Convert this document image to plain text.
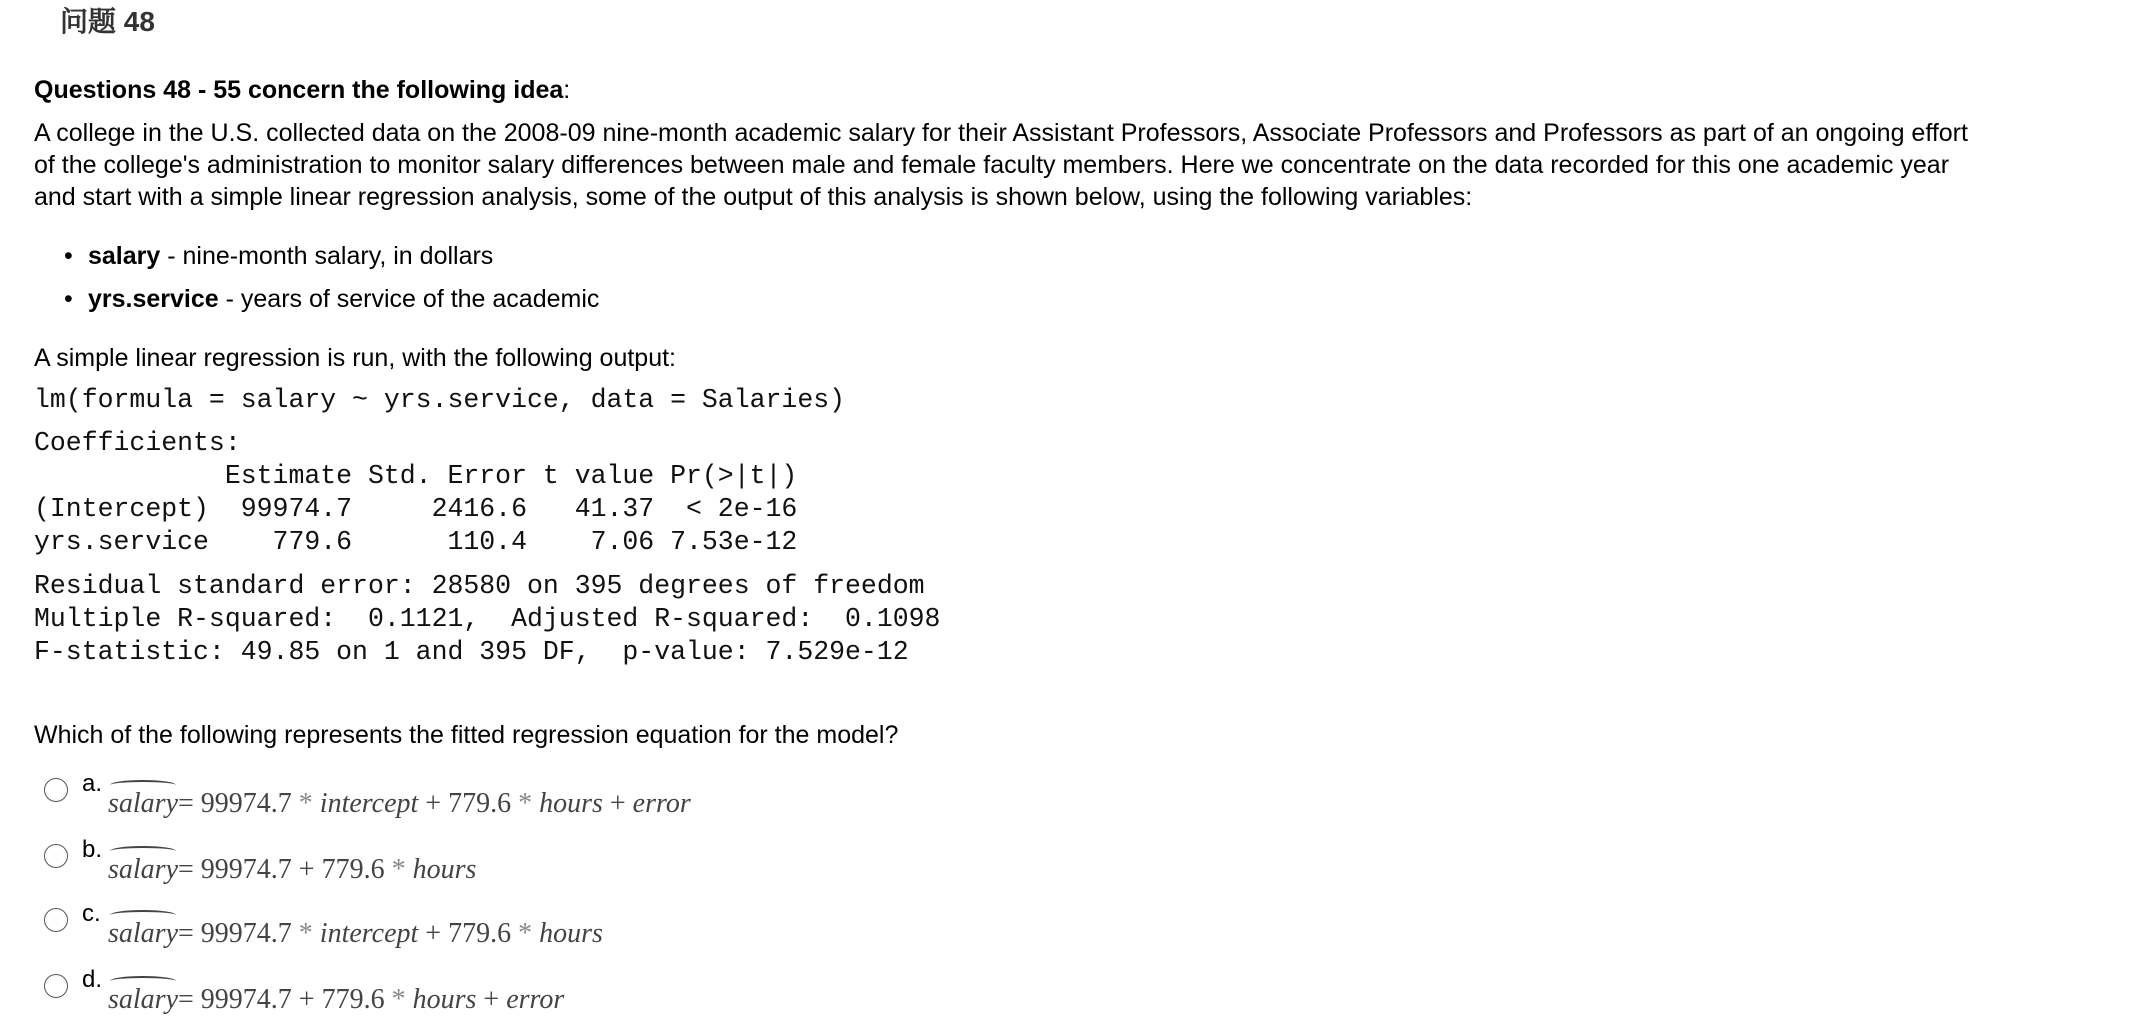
问题 48
Questions 48 - 55 concern the following idea:
A college in the U.S. collected data on the 2008-09 nine-month academic salary for their Assistant Professors, Associate Professors and Professors as part of an ongoing effort of the college's administration to monitor salary differences between male and female faculty members. Here we concentrate on the data recorded for this one academic year and start with a simple linear regression analysis, some of the output of this analysis is shown below, using the following variables:
• salary - nine-month salary, in dollars
• yrs.service - years of service of the academic
A simple linear regression is run, with the following output:
lm(formula = salary ~ yrs.service, data = Salaries)
Coefficients:
Estimate Std. Error t value Pr(>|t|)
(Intercept)  99974.7     2416.6   41.37  < 2e-16
yrs.service    779.6      110.4    7.06 7.53e-12
Residual standard error: 28580 on 395 degrees of freedom
Multiple R-squared:  0.1121,	Adjusted R-squared:  0.1098
F-statistic: 49.85 on 1 and 395 DF,  p-value: 7.529e-12
Which of the following represents the fitted regression equation for the model?
a.
salary= 99974.7 * intercept + 779.6 * hours + error
b.
salary= 99974.7 + 779.6 * hours
c.
salary= 99974.7 * intercept + 779.6 * hours
d.
salary= 99974.7 + 779.6 * hours + error
